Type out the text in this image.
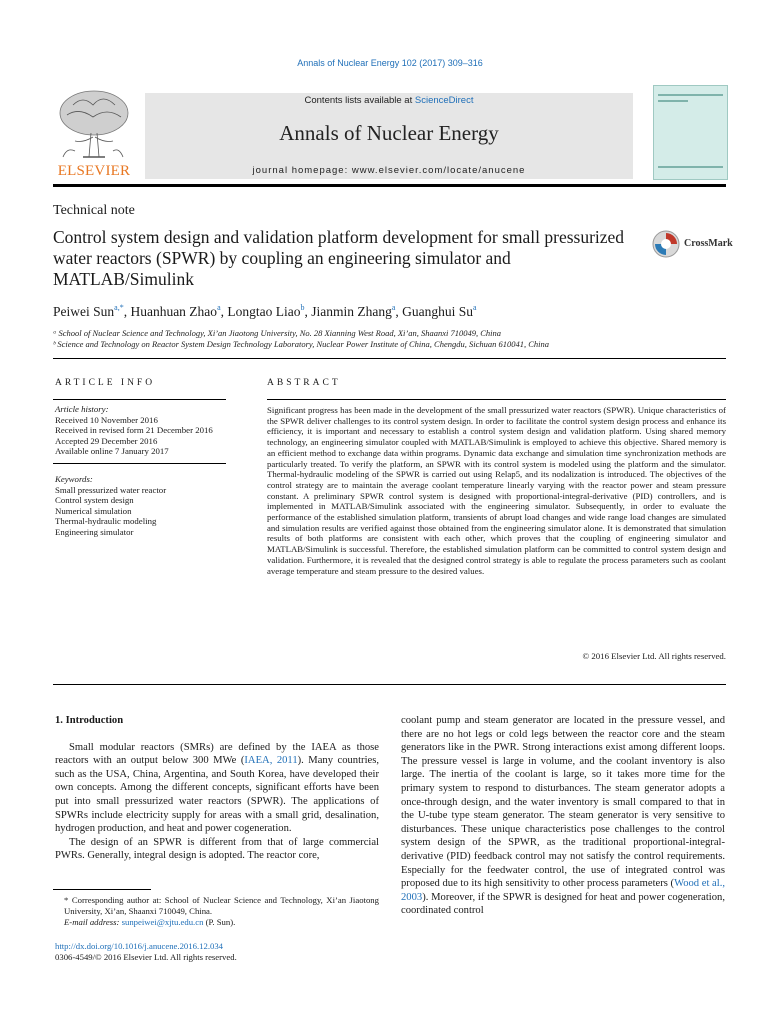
Annals of Nuclear Energy 102 (2017) 309–316
ELSEVIER
Contents lists available at ScienceDirect
Annals of Nuclear Energy
journal homepage: www.elsevier.com/locate/anucene
Technical note
Control system design and validation platform development for small pressurized water reactors (SPWR) by coupling an engineering simulator and MATLAB/Simulink
CrossMark
Peiwei Sun$^{a,*}$, Huanhuan Zhao$^a$, Longtao Liao$^b$, Jianmin Zhang$^a$, Guanghui Su$^a$
ᵃ School of Nuclear Science and Technology, Xi’an Jiaotong University, No. 28 Xianning West Road, Xi’an, Shaanxi 710049, China
ᵇ Science and Technology on Reactor System Design Technology Laboratory, Nuclear Power Institute of China, Chengdu, Sichuan 610041, China
ARTICLE INFO	ABSTRACT
Article history:
Received 10 November 2016
Received in revised form 21 December 2016
Accepted 29 December 2016
Available online 7 January 2017
Keywords:
Small pressurized water reactor
Control system design
Numerical simulation
Thermal-hydraulic modeling
Engineering simulator
Significant progress has been made in the development of the small pressurized water reactors (SPWR). Unique characteristics of the SPWR deliver challenges to its control system design. In order to facilitate the control system design process and enhance its efficiency, it is important and necessary to establish a control system design and validation platform. Using shared memory technology, an engineering simulator coupled with MATLAB/Simulink is employed to achieve this objective. Shared memory is an efficient method to exchange data within programs. Dynamic data exchange and simulation time synchronization methods are particularly treated. To verify the platform, an SPWR with its control system is modeled using the platform and the simulator. Thermal-hydraulic modeling of the SPWR is carried out using Relap5, and its nodalization is introduced. The objectives of the control strategy are to maintain the average coolant temperature linearly varying with the reactor power and steam pressure constant. A preliminary SPWR control system is designed with proportional-integral-derivative (PID) controllers, and is implemented in MATLAB/Simulink associated with the engineering simulator. Subsequently, in order to evaluate the performance of the established simulation platform, transients of abrupt load changes and wide range load changes are simulated and simulation results are verified against those obtained from the engineering simulator alone. It is demonstrated that simulation results of both platforms are consistent with each other, which proves that the coupling of engineering simulator and MATLAB/Simulink is successful. Therefore, the established simulation platform can be committed to control system design and validation. Furthermore, it is revealed that the designed control strategy is able to regulate the process parameters such as coolant average temperature and steam pressure to the desired values.
© 2016 Elsevier Ltd. All rights reserved.
1. Introduction

Small modular reactors (SMRs) are defined by the IAEA as those reactors with an output below 300 MWe (IAEA, 2011). Many countries, such as the USA, China, Argentina, and South Korea, have developed their own concepts. Among the different concepts, significant efforts have been put into small pressurized water reactors (SPWR). The applications of SPWRs include electricity supply for areas with a small grid, desalination, hydrogen production, and heat and power cogeneration.

The design of an SPWR is different from that of large commercial PWRs. Generally, integral design is adopted. The reactor core,

coolant pump and steam generator are located in the pressure vessel, and there are no hot legs or cold legs between the reactor core and the steam generators like in the PWR. Strong interactions exist among different loops. The pressure vessel is large in volume, and the coolant inventory is also large. The inertia of the coolant is large, so it takes more time for the primary system to respond to disturbances. The steam generator adopts a once-through design, and the water inventory is small compared to that in the U-tube type steam generator. The steam generator is very sensitive to disturbances. These unique characteristics pose challenges to the control system design of the SPWR, as the traditional proportional-integral-derivative (PID) feedback control may not satisfy the control requirements. Especially for the feedwater control, the use of integrated control was proposed due to its high sensitivity to other process parameters (Wood et al., 2003). Moreover, if the SPWR is designed for heat and power cogeneration, coordinated control

* Corresponding author at: School of Nuclear Science and Technology, Xi’an Jiaotong University, Xi’an, Shaanxi 710049, China.
E-mail address: sunpeiwei@xjtu.edu.cn (P. Sun).
http://dx.doi.org/10.1016/j.anucene.2016.12.034
0306-4549/© 2016 Elsevier Ltd. All rights reserved.
